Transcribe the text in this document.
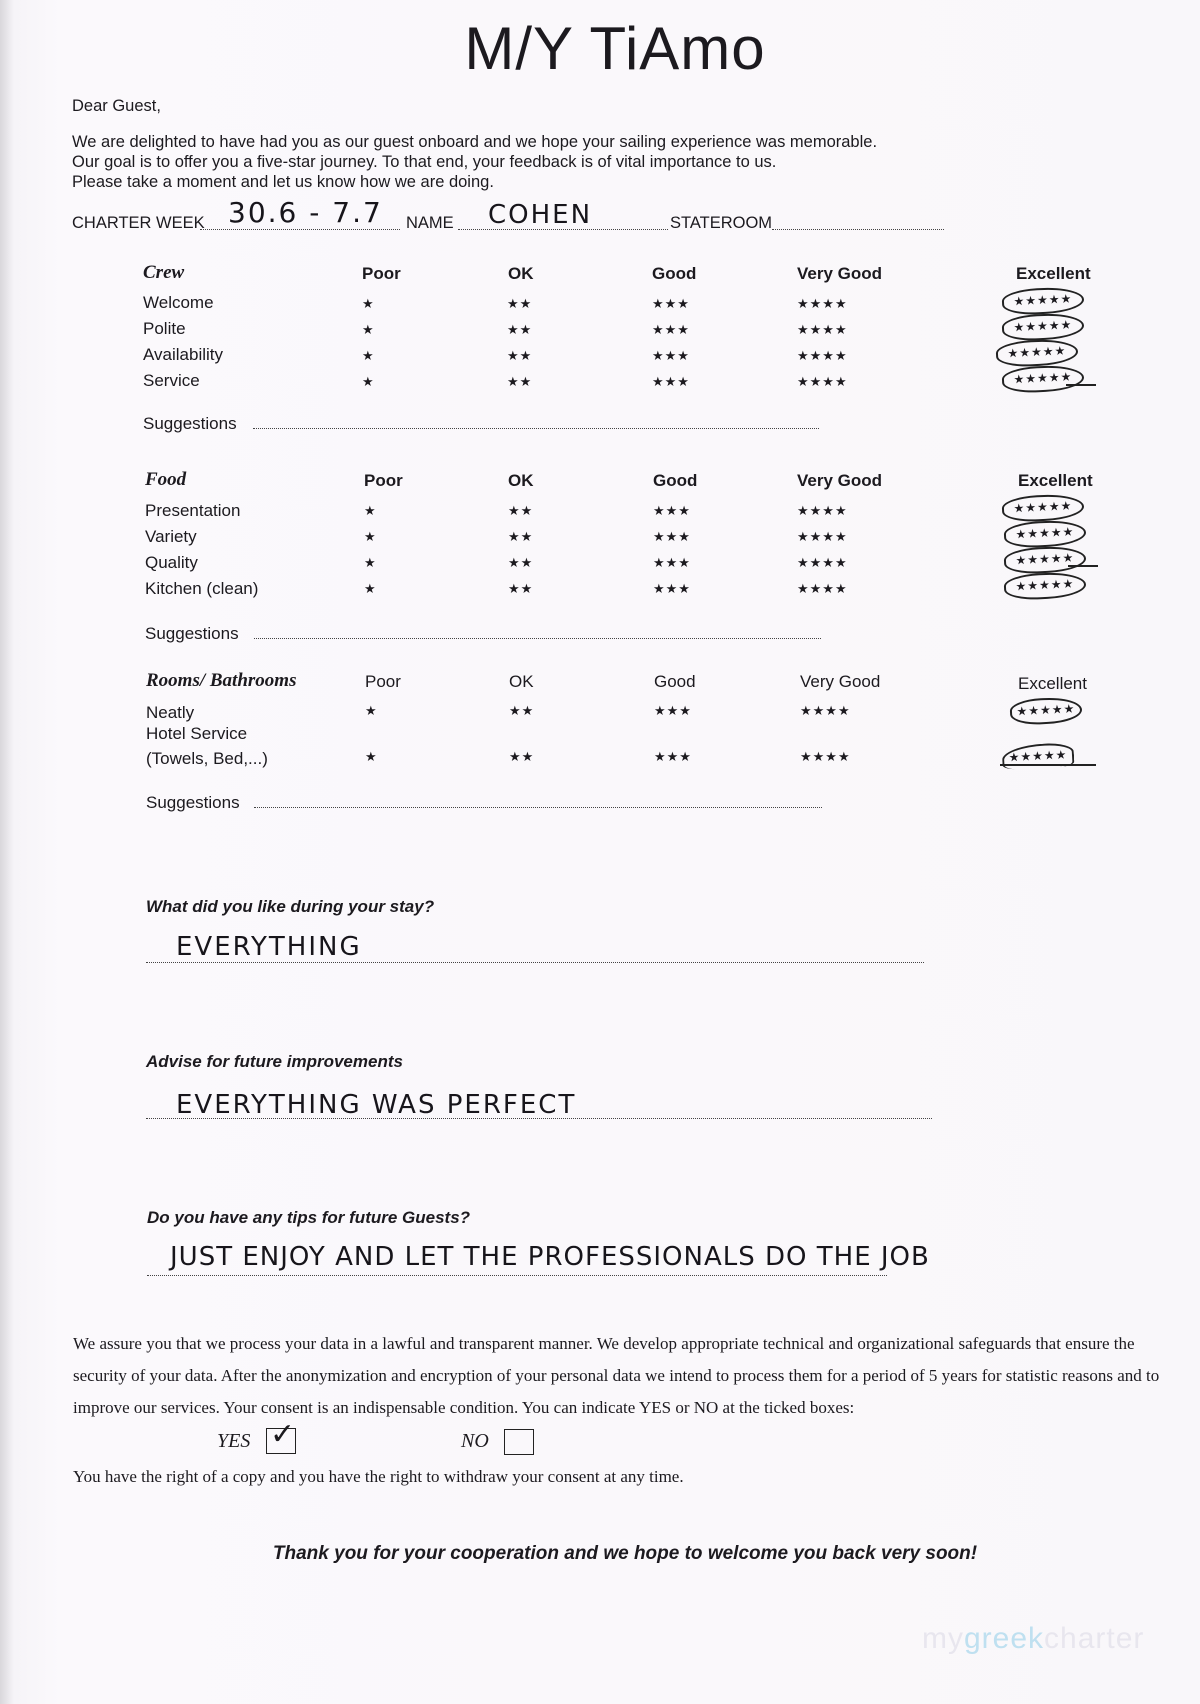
M/Y TiAmo
Dear Guest,
We are delighted to have had you as our guest onboard and we hope your sailing experience was memorable.
Our goal is to offer you a five-star journey. To that end, your feedback is of vital importance to us.
Please take a moment and let us know how we are doing.
CHARTER WEEK 30.6 - 7.7 NAME COHEN	STATEROOM
Crew	Poor	OK	Good	Very Good	Excellent
Welcome	★	★★	★★★	★★★★	★★★★★
Polite	★	★★	★★★	★★★★	★★★★★
Availability	★	★★	★★★	★★★★	★★★★★
Service	★	★★	★★★	★★★★	★★★★★
Suggestions
Food	Poor	OK	Good	Very Good	Excellent
Presentation	★	★★	★★★	★★★★	★★★★★
Variety	★	★★	★★★	★★★★	★★★★★
Quality	★	★★	★★★	★★★★	★★★★★
Kitchen (clean)	★	★★	★★★	★★★★	★★★★★
Suggestions
Rooms/ Bathrooms	Poor	OK	Good	Very Good	Excellent
Neatly	★	★★	★★★	★★★★	★★★★★
Hotel Service
(Towels, Bed,...)	★	★★	★★★	★★★★	★★★★★
Suggestions
What did you like during your stay?
EVERYTHING
Advise for future improvements
EVERYTHING WAS PERFECT
Do you have any tips for future Guests?
JUST ENJOY AND LET THE PROFESSIONALS DO THE JOB
We assure you that we process your data in a lawful and transparent manner. We develop appropriate technical and organizational safeguards that ensure the security of your data. After the anonymization and encryption of your personal data we intend to process them for a period of 5 years for statistic reasons and to improve our services. Your consent is an indispensable condition. You can indicate YES or NO at the ticked boxes:
YES ✓	NO
You have the right of a copy and you have the right to withdraw your consent at any time.
Thank you for your cooperation and we hope to welcome you back very soon!
mygreekcharter
